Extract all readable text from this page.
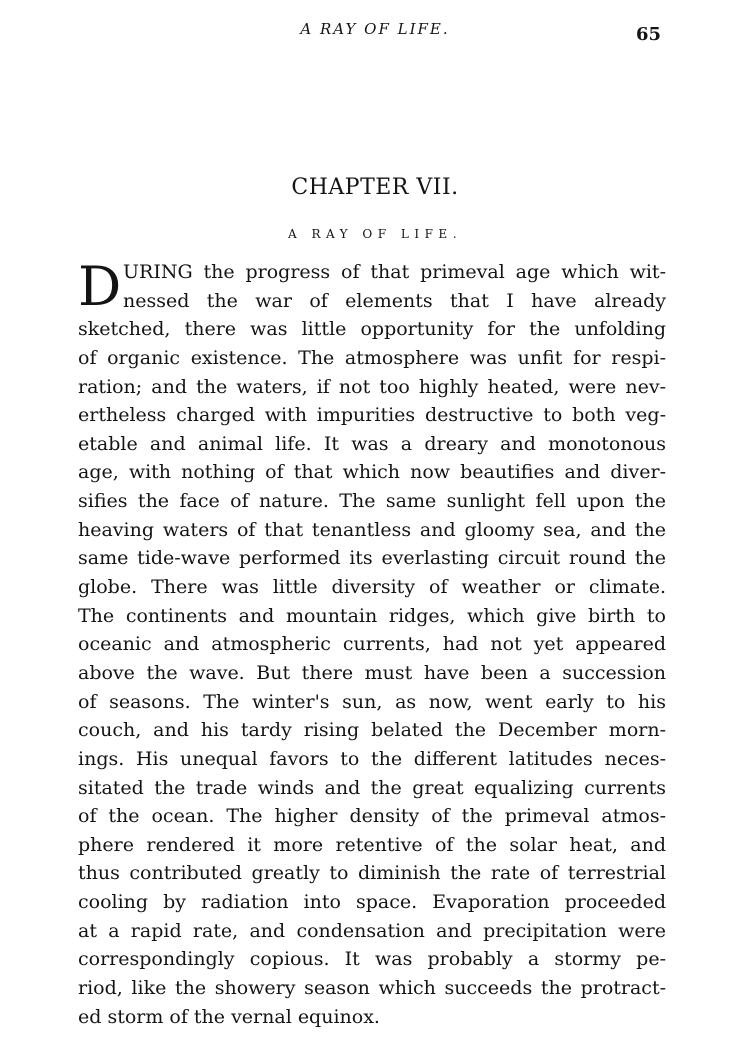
A RAY OF LIFE.	65
CHAPTER VII.
A RAY OF LIFE.
D URING the progress of that primeval age which wit-
nessed the war of elements that I have already
sketched, there was little opportunity for the unfolding
of organic existence. The atmosphere was unfit for respi-
ration; and the waters, if not too highly heated, were nev-
ertheless charged with impurities destructive to both veg-
etable and animal life. It was a dreary and monotonous
age, with nothing of that which now beautifies and diver-
sifies the face of nature. The same sunlight fell upon the
heaving waters of that tenantless and gloomy sea, and the
same tide-wave performed its everlasting circuit round the
globe. There was little diversity of weather or climate.
The continents and mountain ridges, which give birth to
oceanic and atmospheric currents, had not yet appeared
above the wave. But there must have been a succession
of seasons. The winter's sun, as now, went early to his
couch, and his tardy rising belated the December morn-
ings. His unequal favors to the different latitudes neces-
sitated the trade winds and the great equalizing currents
of the ocean. The higher density of the primeval atmos-
phere rendered it more retentive of the solar heat, and
thus contributed greatly to diminish the rate of terrestrial
cooling by radiation into space. Evaporation proceeded
at a rapid rate, and condensation and precipitation were
correspondingly copious. It was probably a stormy pe-
riod, like the showery season which succeeds the protract-
ed storm of the vernal equinox.
